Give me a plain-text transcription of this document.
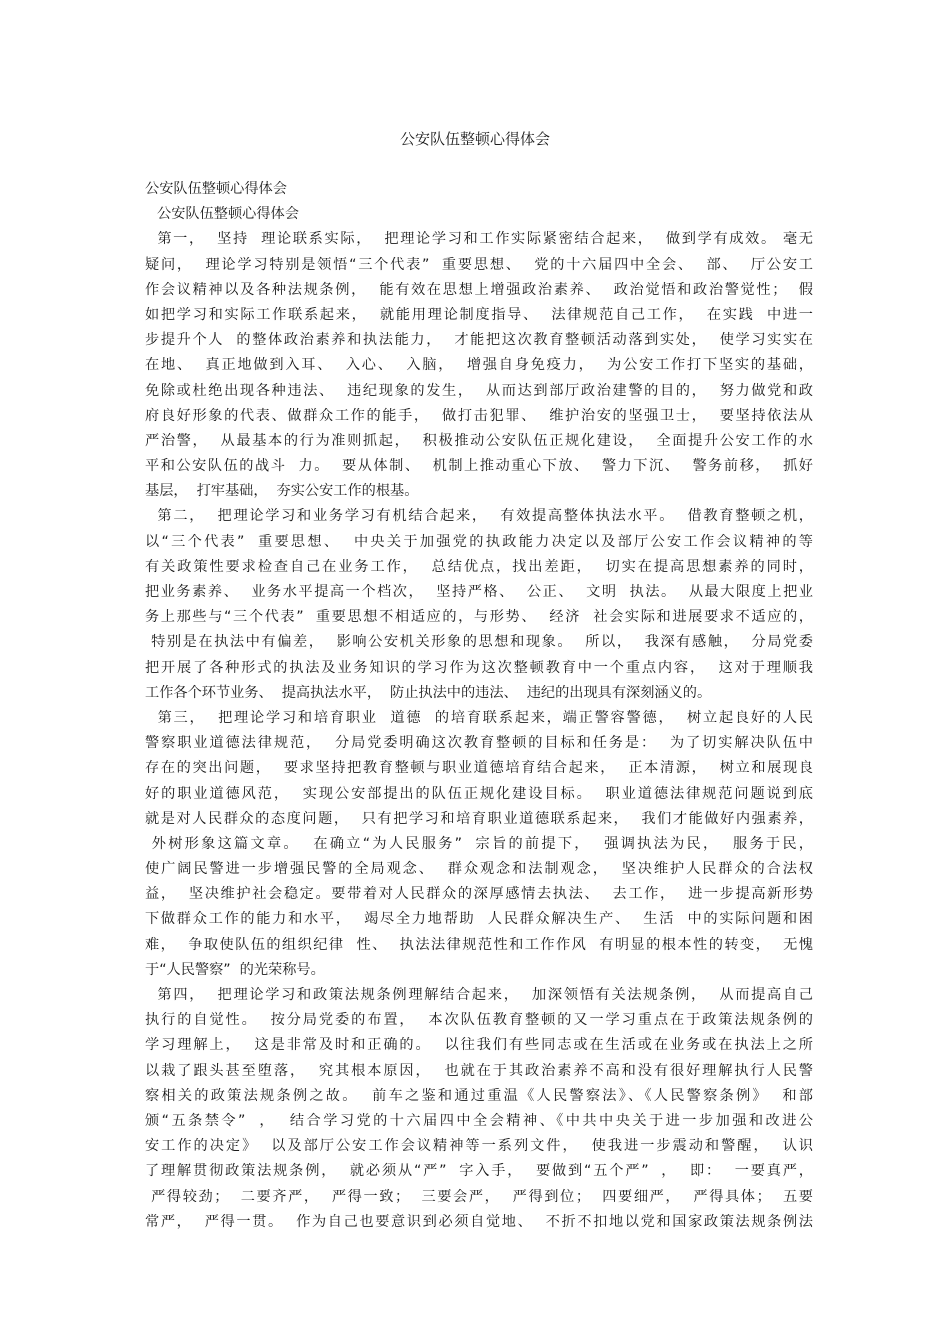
公安队伍整顿心得体会
公安队伍整顿心得体会
公安队伍整顿心得体会
第一，  坚持  理论联系实际，  把理论学习和工作实际紧密结合起来，  做到学有成效。 毫无
疑问，  理论学习特别是领悟“三个代表”  重要思想、  党的十六届四中全会、  部、  厅公安工
作会议精神以及各种法规条例，  能有效在思想上增强政治素养、  政治觉悟和政治警觉性；  假
如把学习和实际工作联系起来，  就能用理论制度指导、  法律规范自己工作，  在实践  中进一
步提升个人  的整体政治素养和执法能力，  才能把这次教育整顿活动落到实处，  使学习实实在
在地、  真正地做到入耳、  入心、  入脑，  增强自身免疫力，  为公安工作打下坚实的基础，
免除或杜绝出现各种违法、  违纪现象的发生，  从而达到部厅政治建警的目的，  努力做党和政
府良好形象的代表、做群众工作的能手，  做打击犯罪、  维护治安的坚强卫士，  要坚持依法从
严治警，  从最基本的行为准则抓起，  积极推动公安队伍正规化建设，  全面提升公安工作的水
平和公安队伍的战斗  力。  要从体制、  机制上推动重心下放、  警力下沉、  警务前移，  抓好
基层，  打牢基础，  夯实公安工作的根基。
第二，  把理论学习和业务学习有机结合起来，  有效提高整体执法水平。  借教育整顿之机，
以“三个代表”  重要思想、  中央关于加强党的执政能力决定以及部厅公安工作会议精神的等
有关政策性要求检查自己在业务工作，  总结优点，找出差距，  切实在提高思想素养的同时，
把业务素养、  业务水平提高一个档次，  坚持严格、  公正、  文明  执法。  从最大限度上把业
务上那些与“三个代表”  重要思想不相适应的，与形势、  经济  社会实际和进展要求不适应的，
特别是在执法中有偏差，  影响公安机关形象的思想和现象。  所以，  我深有感触，  分局党委
把开展了各种形式的执法及业务知识的学习作为这次整顿教育中一个重点内容，  这对于理顺我
工作各个环节业务、  提高执法水平，  防止执法中的违法、  违纪的出现具有深刻涵义的。
第三，  把理论学习和培育职业  道德  的培育联系起来，端正警容警德，  树立起良好的人民
警察职业道德法律规范，  分局党委明确这次教育整顿的目标和任务是：  为了切实解决队伍中
存在的突出问题，  要求坚持把教育整顿与职业道德培育结合起来，  正本清源，  树立和展现良
好的职业道德风范，  实现公安部提出的队伍正规化建设目标。  职业道德法律规范问题说到底
就是对人民群众的态度问题，  只有把学习和培育职业道德联系起来，  我们才能做好内强素养，
外树形象这篇文章。  在确立“为人民服务”  宗旨的前提下，  强调执法为民，  服务于民，
使广阔民警进一步增强民警的全局观念、  群众观念和法制观念，  坚决维护人民群众的合法权
益，  坚决维护社会稳定。要带着对人民群众的深厚感情去执法、  去工作，  进一步提高新形势
下做群众工作的能力和水平，  竭尽全力地帮助  人民群众解决生产、  生活  中的实际问题和困
难，  争取使队伍的组织纪律  性、  执法法律规范性和工作作风  有明显的根本性的转变，  无愧
于“人民警察”  的光荣称号。
第四，  把理论学习和政策法规条例理解结合起来，  加深领悟有关法规条例，  从而提高自己
执行的自觉性。  按分局党委的布置，  本次队伍教育整顿的又一学习重点在于政策法规条例的
学习理解上，  这是非常及时和正确的。  以往我们有些同志或在生活或在业务或在执法上之所
以栽了跟头甚至堕落，  究其根本原因，  也就在于其政治素养不高和没有很好理解执行人民警
察相关的政策法规条例之故。  前车之鉴和通过重温《人民警察法》、《人民警察条例》  和部
颁“五条禁令”  ，  结合学习党的十六届四中全会精神、《中共中央关于进一步加强和改进公
安工作的决定》  以及部厅公安工作会议精神等一系列文件，  使我进一步震动和警醒，  认识
了理解贯彻政策法规条例，  就必须从“严”  字入手，  要做到“五个严”  ，  即：  一要真严，
严得较劲；  二要齐严，  严得一致；  三要会严，  严得到位；  四要细严，  严得具体；  五要
常严，  严得一贯。  作为自己也要意识到必须自觉地、  不折不扣地以党和国家政策法规条例法
